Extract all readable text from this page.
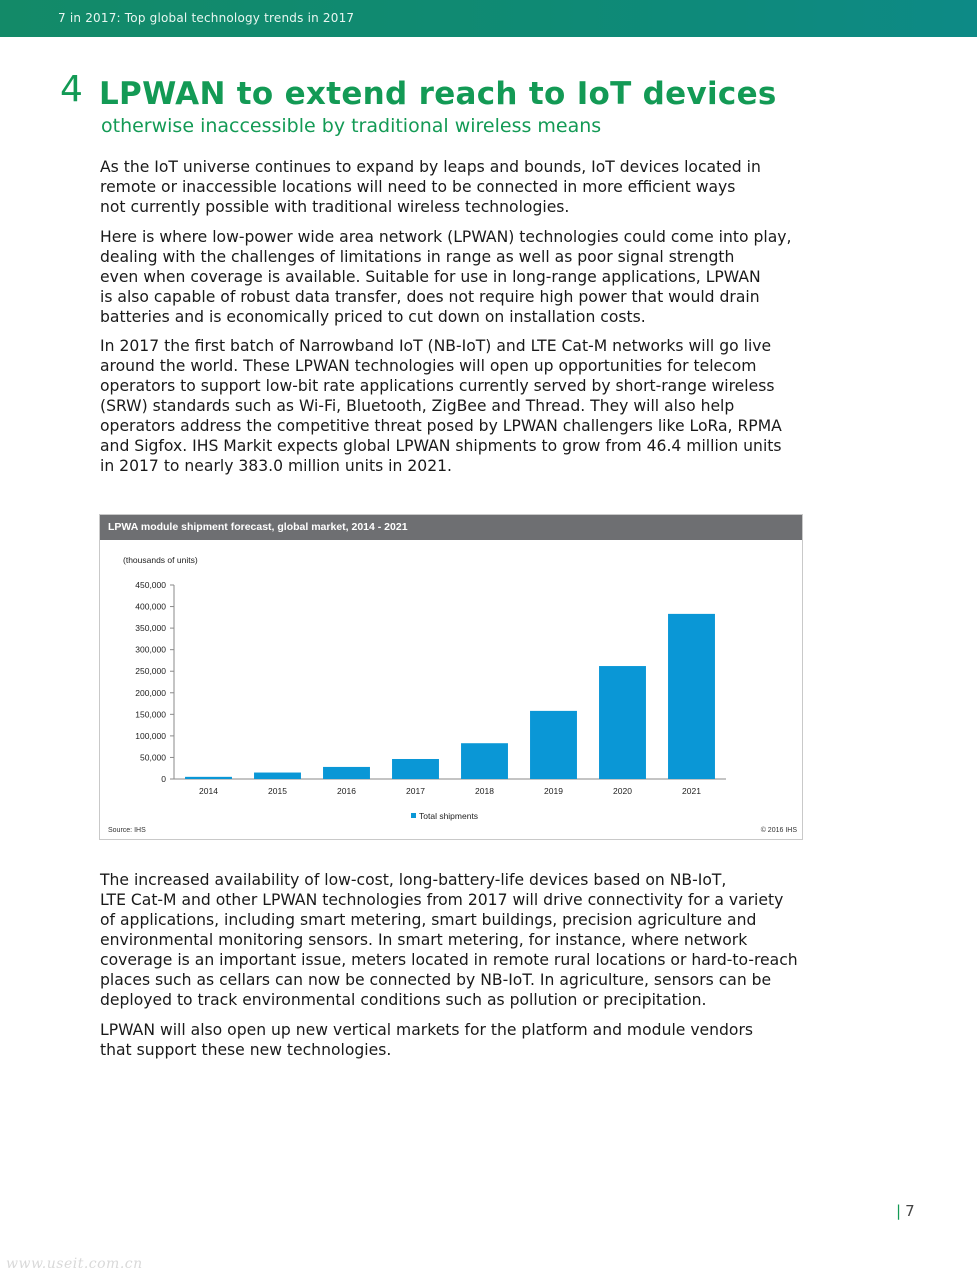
7 in 2017: Top global technology trends in 2017
4 LPWAN to extend reach to IoT devices
otherwise inaccessible by traditional wireless means

As the IoT universe continues to expand by leaps and bounds, IoT devices located in
remote or inaccessible locations will need to be connected in more efficient ways
not currently possible with traditional wireless technologies.

Here is where low-power wide area network (LPWAN) technologies could come into play,
dealing with the challenges of limitations in range as well as poor signal strength
even when coverage is available. Suitable for use in long-range applications, LPWAN
is also capable of robust data transfer, does not require high power that would drain
batteries and is economically priced to cut down on installation costs.

In 2017 the first batch of Narrowband IoT (NB-IoT) and LTE Cat-M networks will go live
around the world. These LPWAN technologies will open up opportunities for telecom
operators to support low-bit rate applications currently served by short-range wireless
(SRW) standards such as Wi-Fi, Bluetooth, ZigBee and Thread. They will also help
operators address the competitive threat posed by LPWAN challengers like LoRa, RPMA
and Sigfox. IHS Markit expects global LPWAN shipments to grow from 46.4 million units
in 2017 to nearly 383.0 million units in 2021.

LPWA module shipment forecast, global market, 2014 - 2021
(thousands of units)
0
50,000
100,000
150,000
200,000
250,000
300,000
350,000
400,000
450,000
2014	2015	2016	2017	2018	2019	2020	2021
Total shipments
Source: IHS	© 2016 IHS

The increased availability of low-cost, long-battery-life devices based on NB-IoT,
LTE Cat-M and other LPWAN technologies from 2017 will drive connectivity for a variety
of applications, including smart metering, smart buildings, precision agriculture and
environmental monitoring sensors. In smart metering, for instance, where network
coverage is an important issue, meters located in remote rural locations or hard-to-reach
places such as cellars can now be connected by NB-IoT. In agriculture, sensors can be
deployed to track environmental conditions such as pollution or precipitation.

LPWAN will also open up new vertical markets for the platform and module vendors
that support these new technologies.

| 7
www.useit.com.cn
